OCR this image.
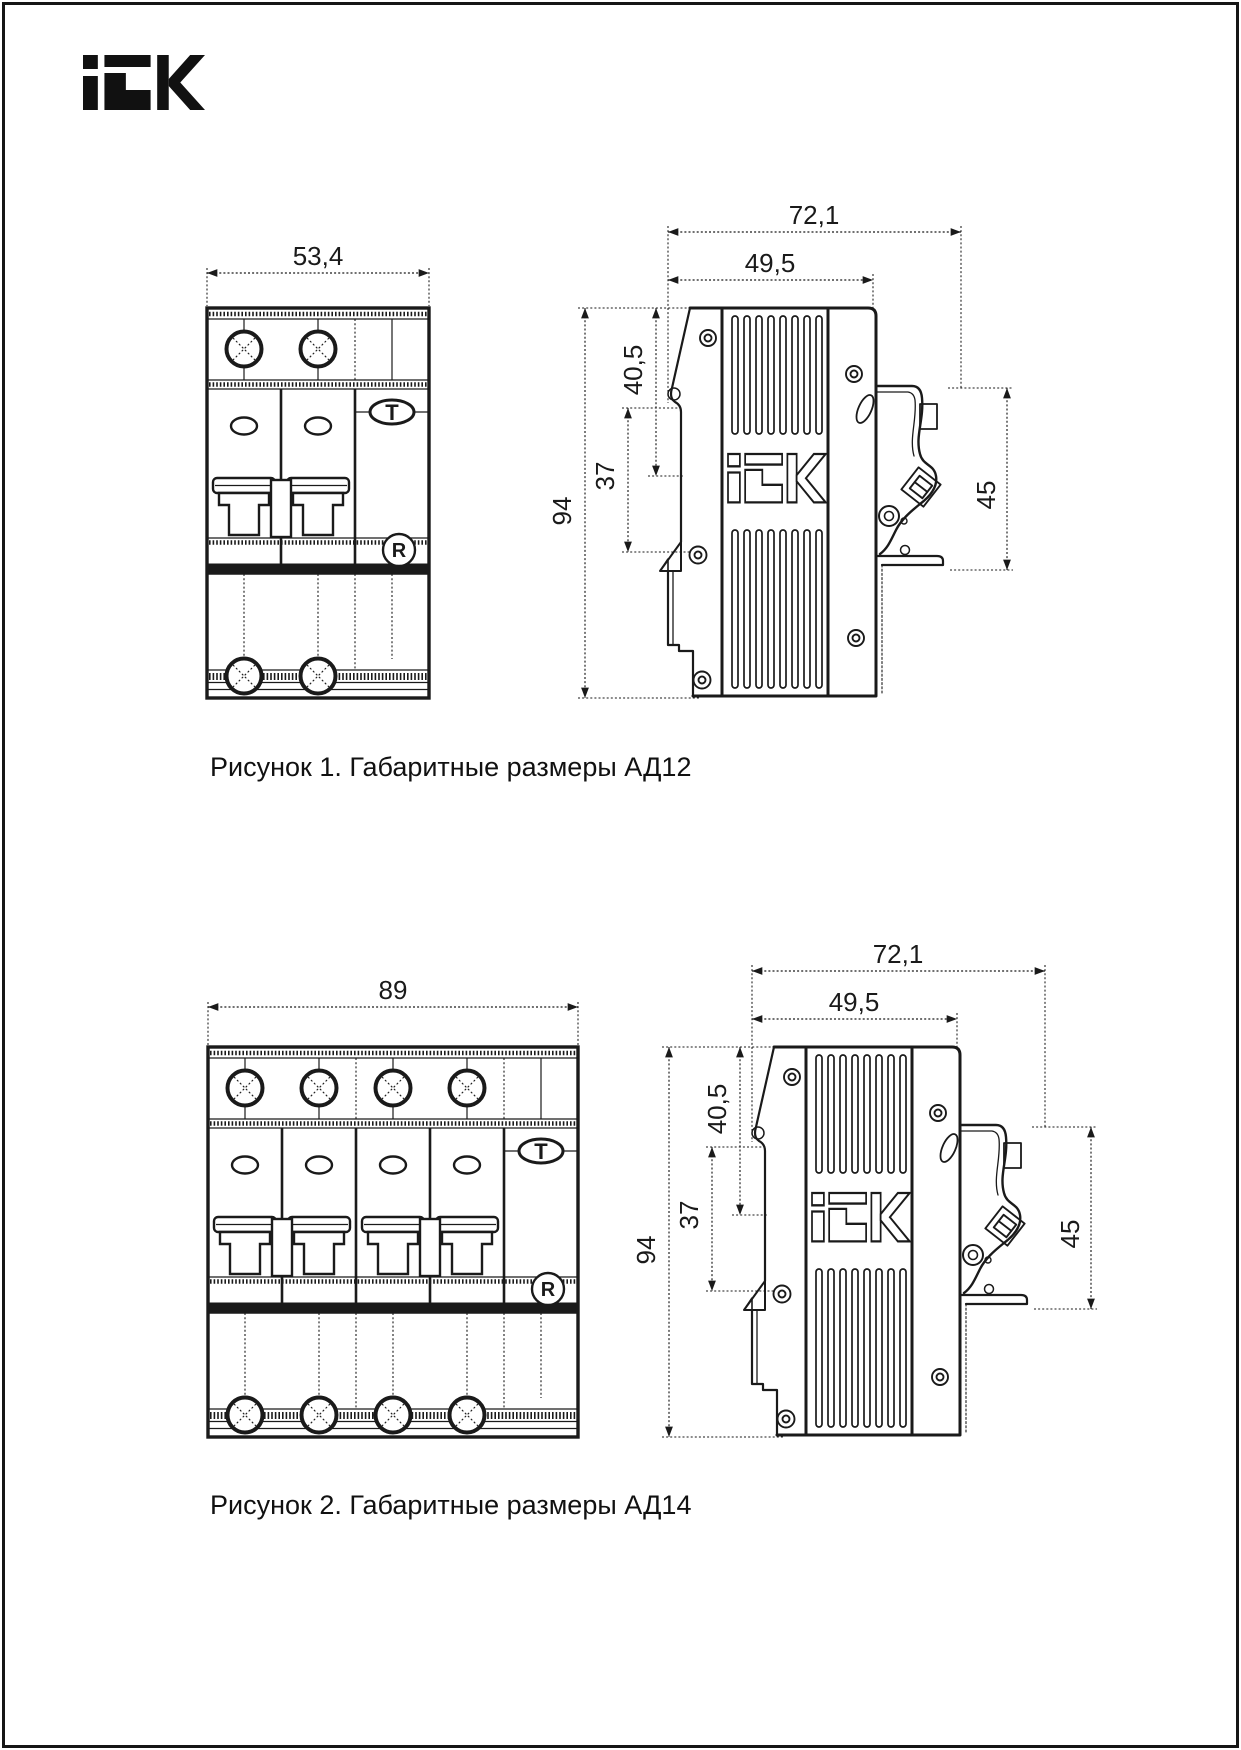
T
R
53,4
72,1
49,5
40,5
37
94
45
Рисунок 1. Габаритные размеры АД12
T
R
89
72,1
49,5
40,5
37
94
45
Рисунок 2. Габаритные размеры АД14
